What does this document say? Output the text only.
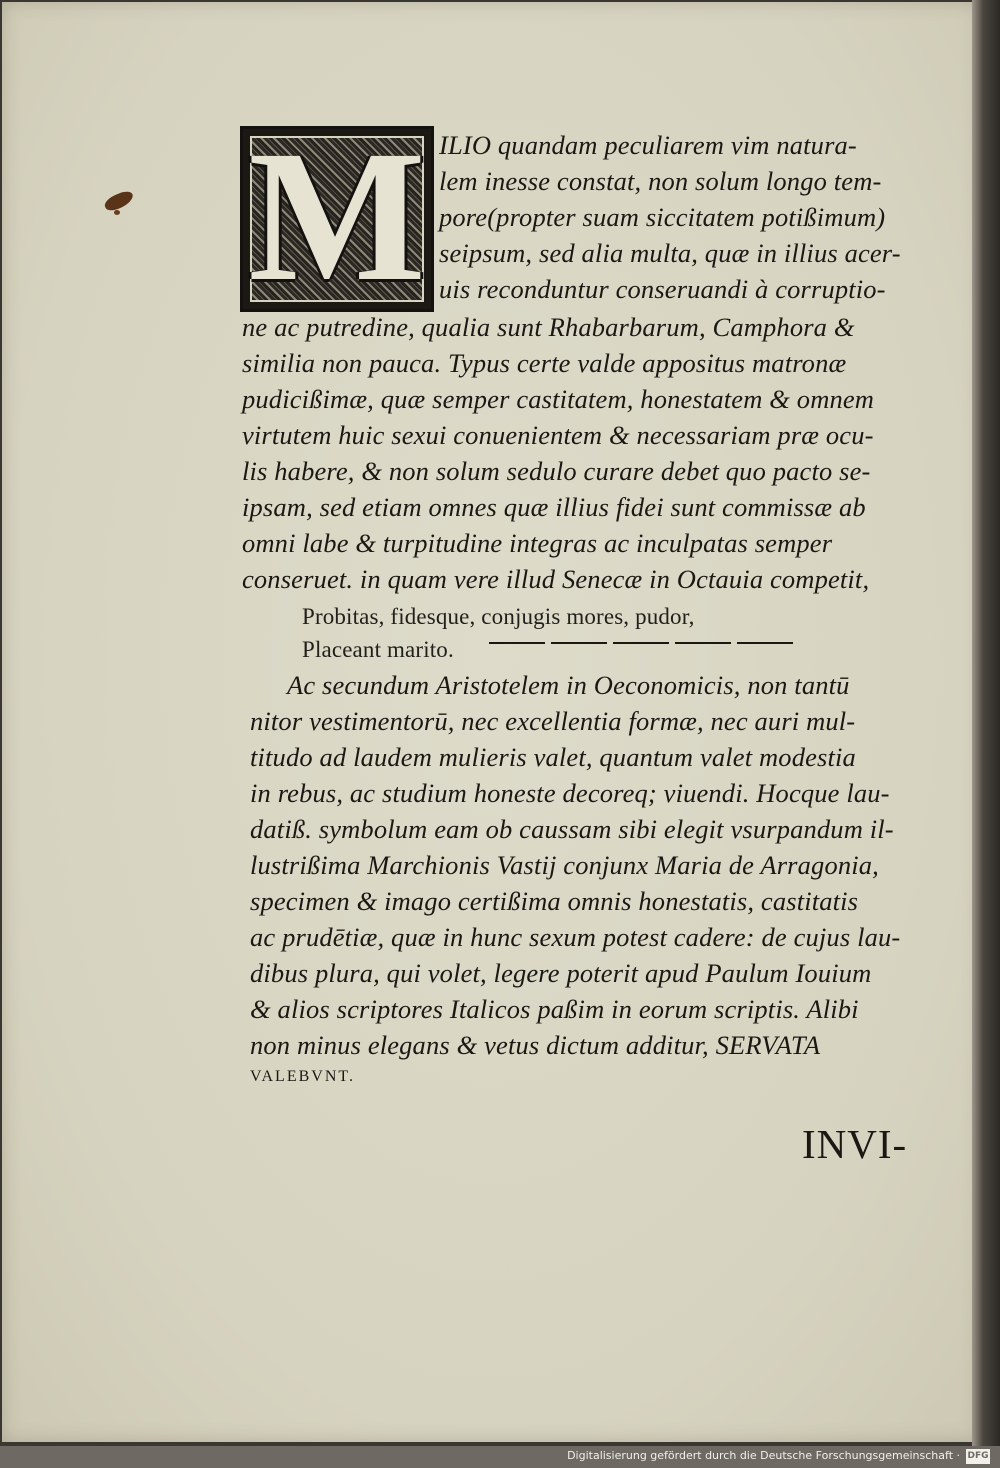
M ILIO quandam peculiarem vim natura-

lem inesse constat, non solum longo tem-

pore(propter suam siccitatem potißimum)

seipsum, sed alia multa, quæ in illius acer-

uis reconduntur conseruandi à corruptio-

ne ac putredine, qualia sunt Rhabarbarum, Camphora &

similia non pauca. Typus certe valde appositus matronæ

pudicißimæ, quæ semper castitatem, honestatem & omnem

virtutem huic sexui conuenientem & necessariam præ ocu-

lis habere, & non solum sedulo curare debet quo pacto se-

ipsam, sed etiam omnes quæ illius fidei sunt commissæ ab

omni labe & turpitudine integras ac inculpatas semper

conseruet. in quam vere illud Senecæ in Octauia competit,

Probitas, fidesque, conjugis mores, pudor,

Placeant marito.

Ac secundum Aristotelem in Oeconomicis, non tantū

nitor vestimentorū, nec excellentia formæ, nec auri mul-

titudo ad laudem mulieris valet, quantum valet modestia

in rebus, ac studium honeste decoreq; viuendi. Hocque lau-

datiß. symbolum eam ob caussam sibi elegit vsurpandum il-

lustrißima Marchionis Vastij conjunx Maria de Arragonia,

specimen & imago certißima omnis honestatis, castitatis

ac prudētiæ, quæ in hunc sexum potest cadere: de cujus lau-

dibus plura, qui volet, legere poterit apud Paulum Iouium

& alios scriptores Italicos paßim in eorum scriptis. Alibi

non minus elegans & vetus dictum additur, SERVATA

VALEBVNT.

INVI-

Digitalisierung gefördert durch die Deutsche Forschungsgemeinschaft · DFG
